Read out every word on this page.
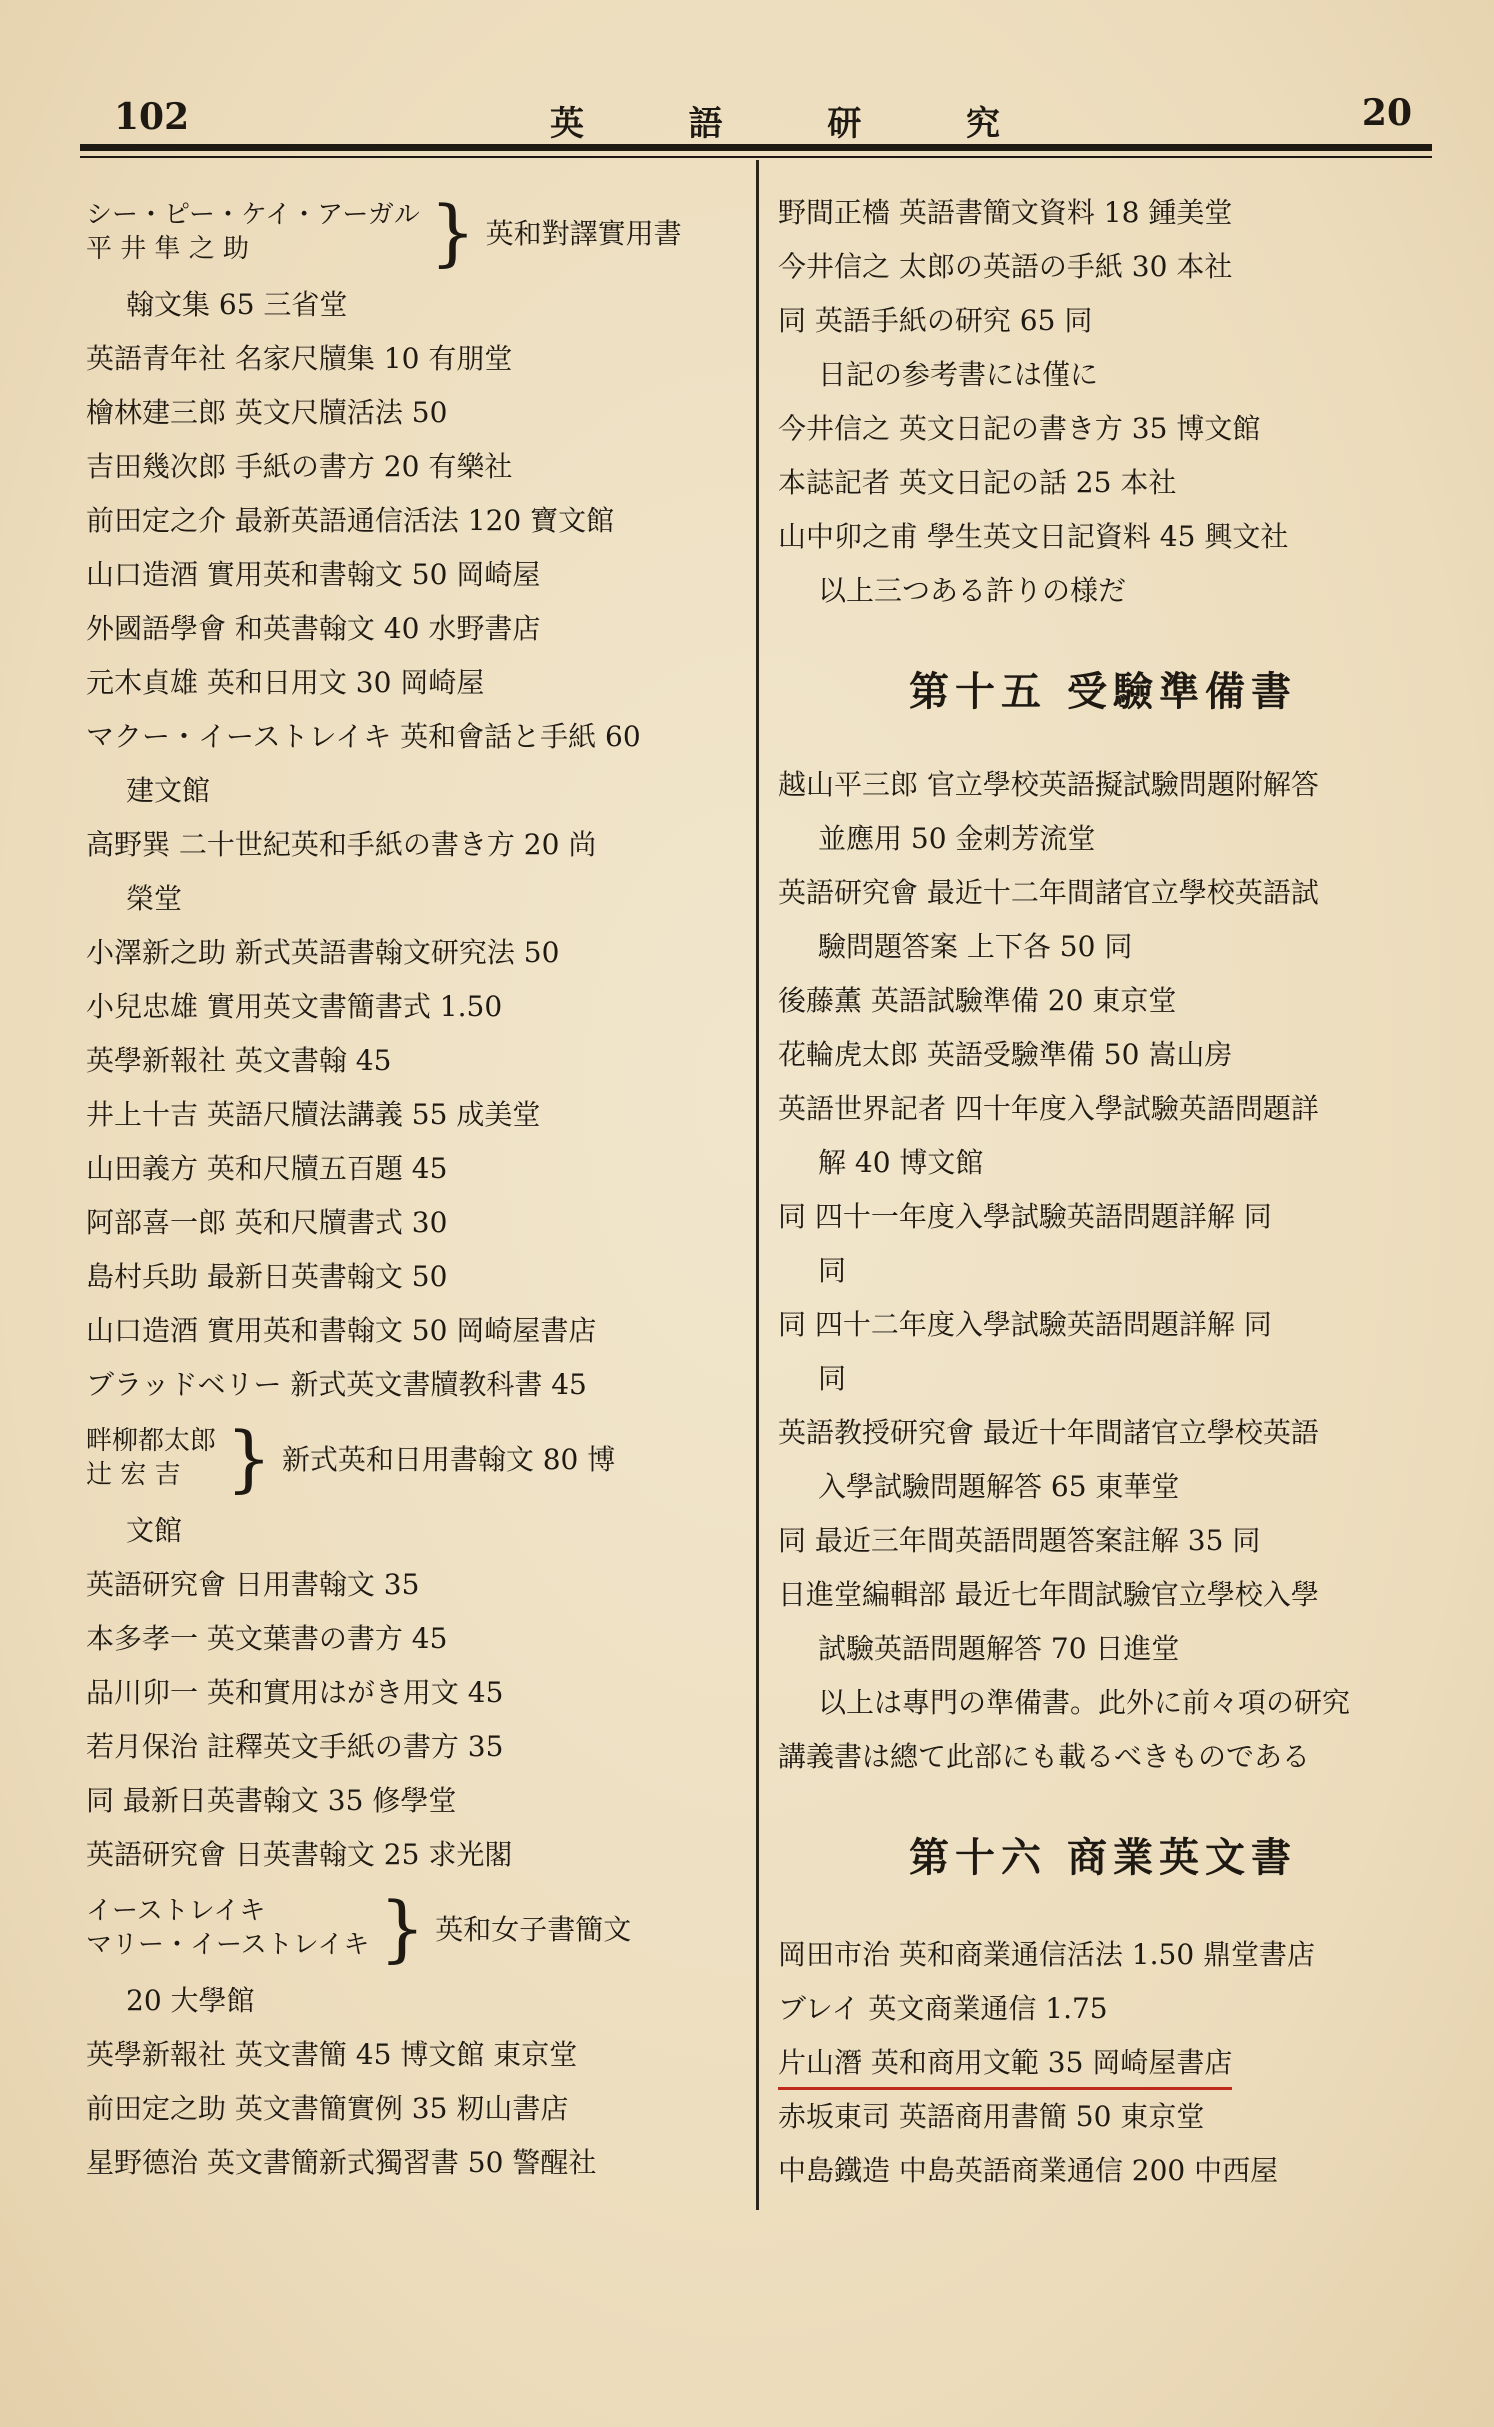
102	英	語	研	究	20
シー・ピー・ケイ・アーガル
平 井 隼 之 助	} 英和對譯實用書

翰文集 65 三省堂

英語青年社 名家尺牘集 10 有朋堂

檜林建三郎 英文尺牘活法 50

吉田幾次郎 手紙の書方 20 有樂社

前田定之介 最新英語通信活法 120 寶文館

山口造酒 實用英和書翰文 50 岡崎屋

外國語學會 和英書翰文 40 水野書店

元木貞雄 英和日用文 30 岡崎屋

マクー・イーストレイキ 英和會話と手紙 60

建文館

高野巽 二十世紀英和手紙の書き方 20 尚

榮堂

小澤新之助 新式英語書翰文研究法 50

小兒忠雄 實用英文書簡書式 1.50

英學新報社 英文書翰 45

井上十吉 英語尺牘法講義 55 成美堂

山田義方 英和尺牘五百題 45

阿部喜一郎 英和尺牘書式 30

島村兵助 最新日英書翰文 50

山口造酒 實用英和書翰文 50 岡崎屋書店

ブラッドベリー 新式英文書牘教科書 45

畔柳都太郎
辻 宏 吉 } 新式英和日用書翰文 80 博

文館

英語研究會 日用書翰文 35

本多孝一 英文葉書の書方 45

品川卯一 英和實用はがき用文 45

若月保治 註釋英文手紙の書方 35

同 最新日英書翰文 35 修學堂

英語研究會 日英書翰文 25 求光閣

イーストレイキ
マリー・イーストレイキ } 英和女子書簡文

20 大學館

英學新報社 英文書簡 45 博文館 東京堂

前田定之助 英文書簡實例 35 籾山書店

星野德治 英文書簡新式獨習書 50 警醒社

野間正檣 英語書簡文資料 18 鍾美堂

今井信之 太郎の英語の手紙 30 本社

同 英語手紙の研究 65 同

日記の参考書には僅に

今井信之 英文日記の書き方 35 博文館

本誌記者 英文日記の話 25 本社

山中卯之甫 學生英文日記資料 45 興文社

以上三つある許りの様だ

第十五 受驗準備書

越山平三郎 官立學校英語擬試驗問題附解答

並應用 50 金刺芳流堂

英語研究會 最近十二年間諸官立學校英語試

驗問題答案 上下各 50 同

後藤薫 英語試驗準備 20 東京堂

花輪虎太郎 英語受驗準備 50 嵩山房

英語世界記者 四十年度入學試驗英語問題詳

解 40 博文館

同 四十一年度入學試驗英語問題詳解 同

同

同 四十二年度入學試驗英語問題詳解 同

同

英語教授研究會 最近十年間諸官立學校英語

入學試驗問題解答 65 東華堂

同 最近三年間英語問題答案註解 35 同

日進堂編輯部 最近七年間試驗官立學校入學

試驗英語問題解答 70 日進堂

以上は專門の準備書。此外に前々項の研究

講義書は總て此部にも載るべきものである

第十六 商業英文書

岡田市治 英和商業通信活法 1.50 鼎堂書店

ブレイ 英文商業通信 1.75

片山潛 英和商用文範 35 岡崎屋書店

赤坂東司 英語商用書簡 50 東京堂

中島鐵造 中島英語商業通信 200 中西屋
